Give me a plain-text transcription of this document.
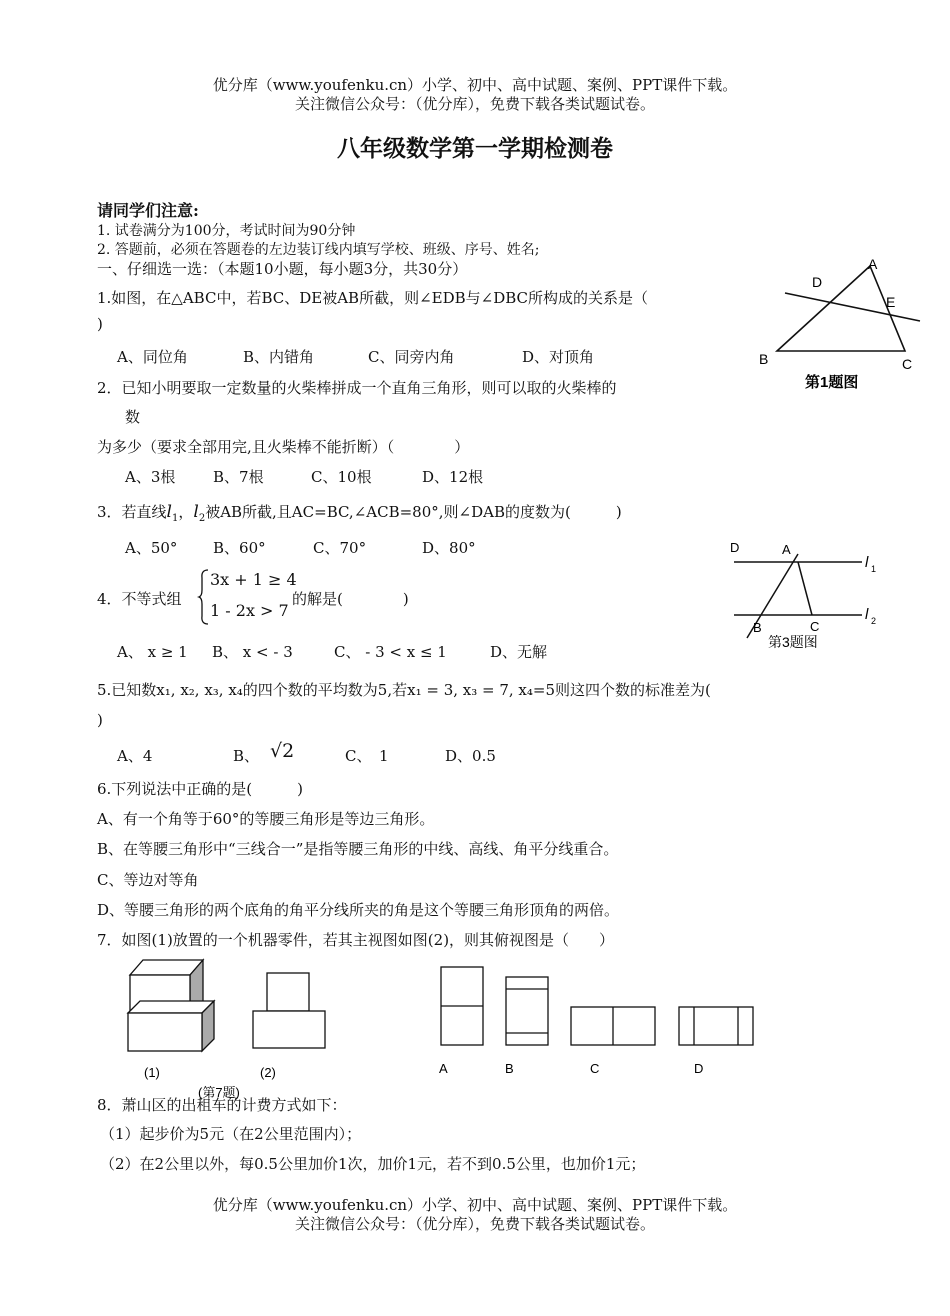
优分库（www.youfenku.cn）小学、初中、高中试题、案例、PPT课件下载。
关注微信公众号：（优分库），免费下载各类试题试卷。
八年级数学第一学期检测卷
请同学们注意:
1. 试卷满分为100分，考试时间为90分钟
2. 答题前，必须在答题卷的左边装订线内填写学校、班级、序号、姓名;
一、仔细选一选：（本题10小题，每小题3分，共30分）
1.如图，在△ABC中，若BC、DE被AB所截，则∠EDB与∠DBC所构成的关系是（
)
A、同位角	B、内错角	C、同旁内角	D、对顶角
A
B	C
D
E
第1题图
2．已知小明要取一定数量的火柴棒拼成一个直角三角形，则可以取的火柴棒的
数
为多少（要求全部用完,且火柴棒不能折断）（　　　　）
A、3根	B、7根	C、10根	D、12根
3．若直线$l_1$，$l_2$被AB所截,且AC=BC,∠ACB=80°,则∠DAB的度数为(　　　)
A、50° B、60°	C、70°	D、80°	D	A
l 1
B	C
l 2
第3题图
4．不等式组
3x + 1 ≥ 4
1 - 2x > 7
的解是(　　　　)
A、 x ≥ 1 B、 x < - 3	C、 - 3 < x ≤ 1	D、无解
5.已知数x₁, x₂, x₃, x₄的四个数的平均数为5,若x₁ = 3, x₃ = 7, x₄=5则这四个数的标准差为(
)
A、4	B、 √2	C、　1	D、0.5
6.下列说法中正确的是(　　　)
A、有一个角等于60°的等腰三角形是等边三角形。
B、在等腰三角形中“三线合一”是指等腰三角形的中线、高线、角平分线重合。
C、等边对等角
D、等腰三角形的两个底角的角平分线所夹的角是这个等腰三角形顶角的两倍。
7．如图(1)放置的一个机器零件，若其主视图如图(2)，则其俯视图是（　　）
(1)	(2)	A	B	C	D
(第7题)
8．萧山区的出租车的计费方式如下：
（1）起步价为5元（在2公里范围内）；
（2）在2公里以外，每0.5公里加价1次，加价1元，若不到0.5公里，也加价1元；
优分库（www.youfenku.cn）小学、初中、高中试题、案例、PPT课件下载。
关注微信公众号：（优分库），免费下载各类试题试卷。
